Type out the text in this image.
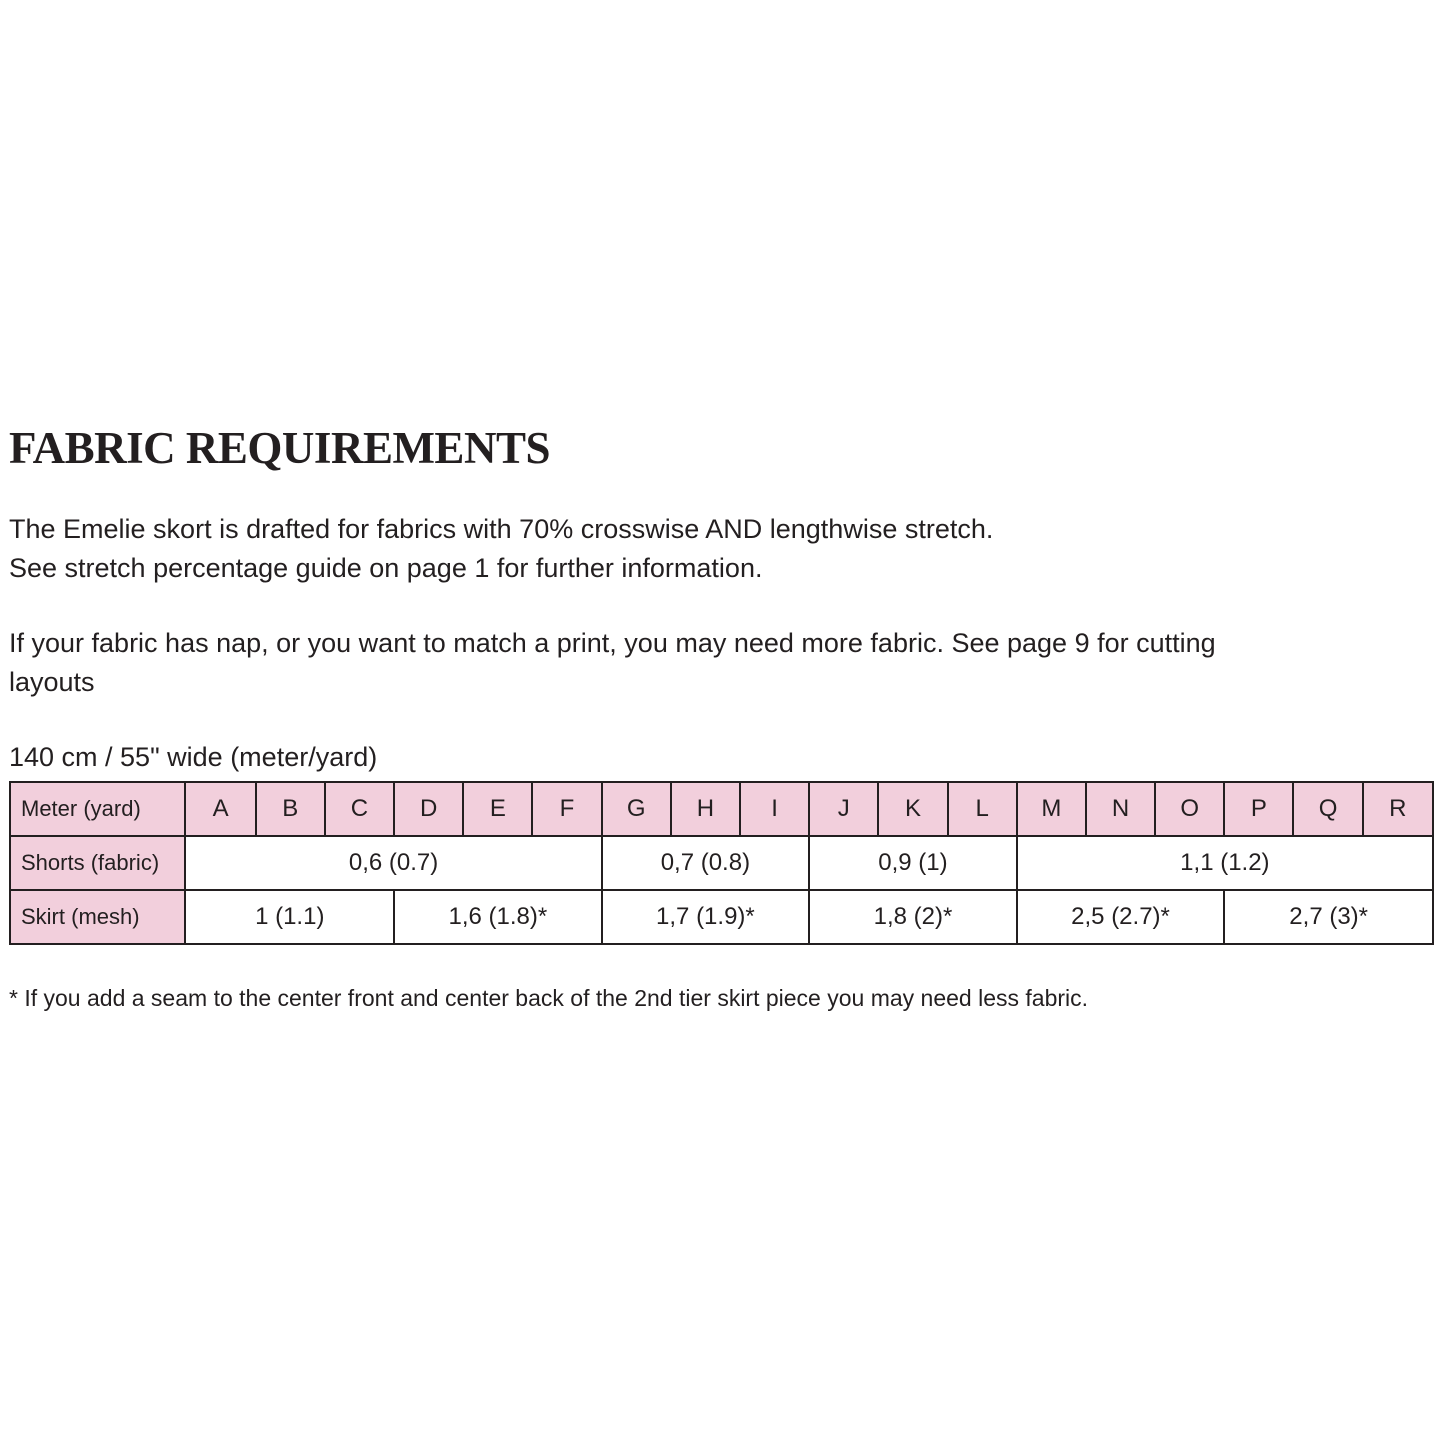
FABRIC REQUIREMENTS
The Emelie skort is drafted for fabrics with 70% crosswise AND lengthwise stretch.
See stretch percentage guide on page 1 for further information.
If your fabric has nap, or you want to match a print, you may need more fabric. See page 9 for cutting
layouts
140 cm / 55" wide (meter/yard)
Meter (yard)	A	B	C	D	E	F	G	H	I	J	K	L	M	N	O	P	Q	R
Shorts (fabric)	0,6 (0.7)						0,7 (0.8)			0,9 (1)			1,1 (1.2)					
Skirt (mesh)	1 (1.1)			1,6 (1.8)*			1,7 (1.9)*			1,8 (2)*			2,5 (2.7)*			2,7 (3)*		
* If you add a seam to the center front and center back of the 2nd tier skirt piece you may need less fabric.
